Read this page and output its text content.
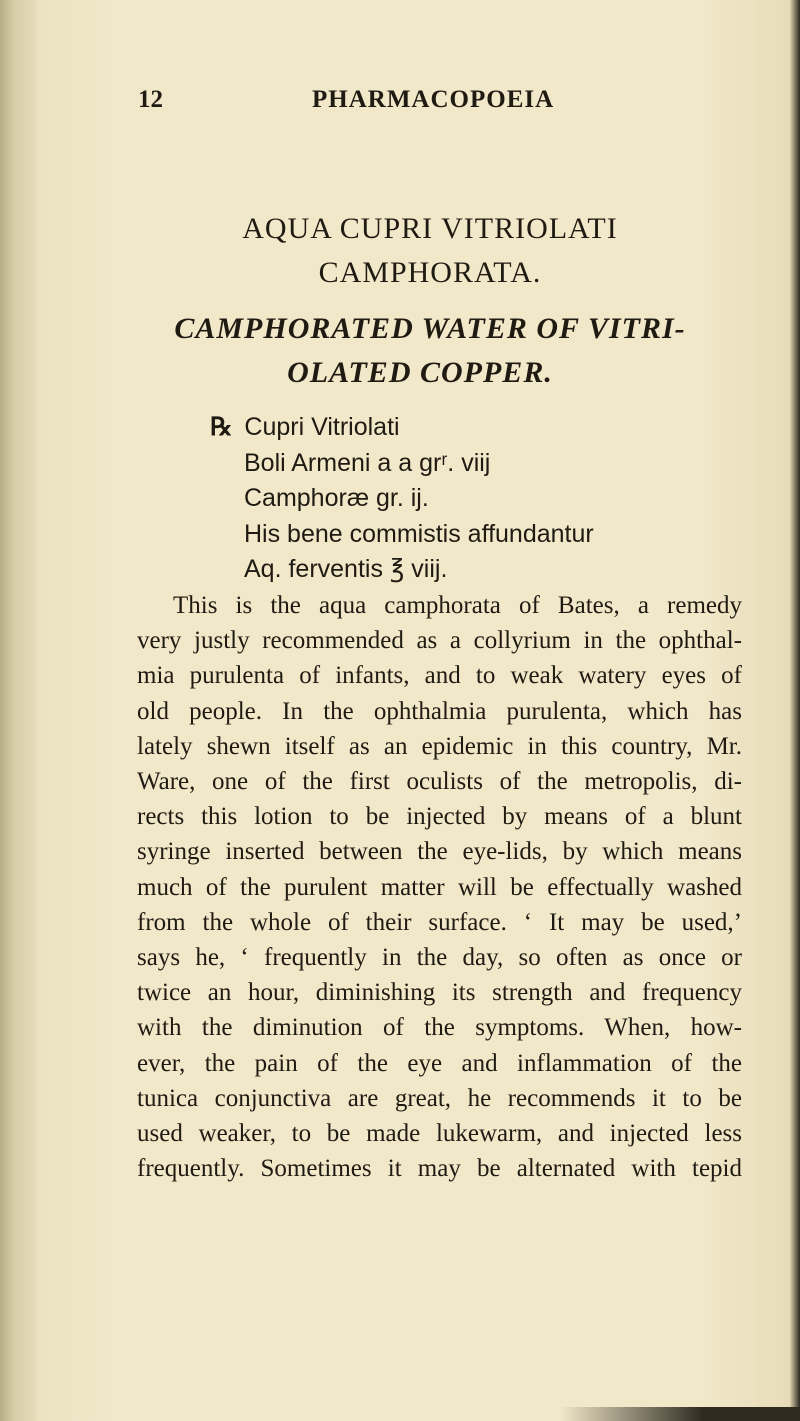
12	PHARMACOPOEIA
AQUA CUPRI VITRIOLATI
CAMPHORATA.
CAMPHORATED WATER OF VITRI-
OLATED COPPER.
℞ Cupri Vitriolati
Boli Armeni a a grʳ. viij
Camphoræ gr. ij.
His bene commistis affundantur
Aq. ferventis ℥ viij.
This is the aqua camphorata of Bates, a remedy
very justly recommended as a collyrium in the ophthal-
mia purulenta of infants, and to weak watery eyes of
old people. In the ophthalmia purulenta, which has
lately shewn itself as an epidemic in this country, Mr.
Ware, one of the first oculists of the metropolis, di-
rects this lotion to be injected by means of a blunt
syringe inserted between the eye-lids, by which means
much of the purulent matter will be effectually washed
from the whole of their surface. ‘ It may be used,’
says he, ‘ frequently in the day, so often as once or
twice an hour, diminishing its strength and frequency
with the diminution of the symptoms. When, how-
ever, the pain of the eye and inflammation of the
tunica conjunctiva are great, he recommends it to be
used weaker, to be made lukewarm, and injected less
frequently. Sometimes it may be alternated with tepid
